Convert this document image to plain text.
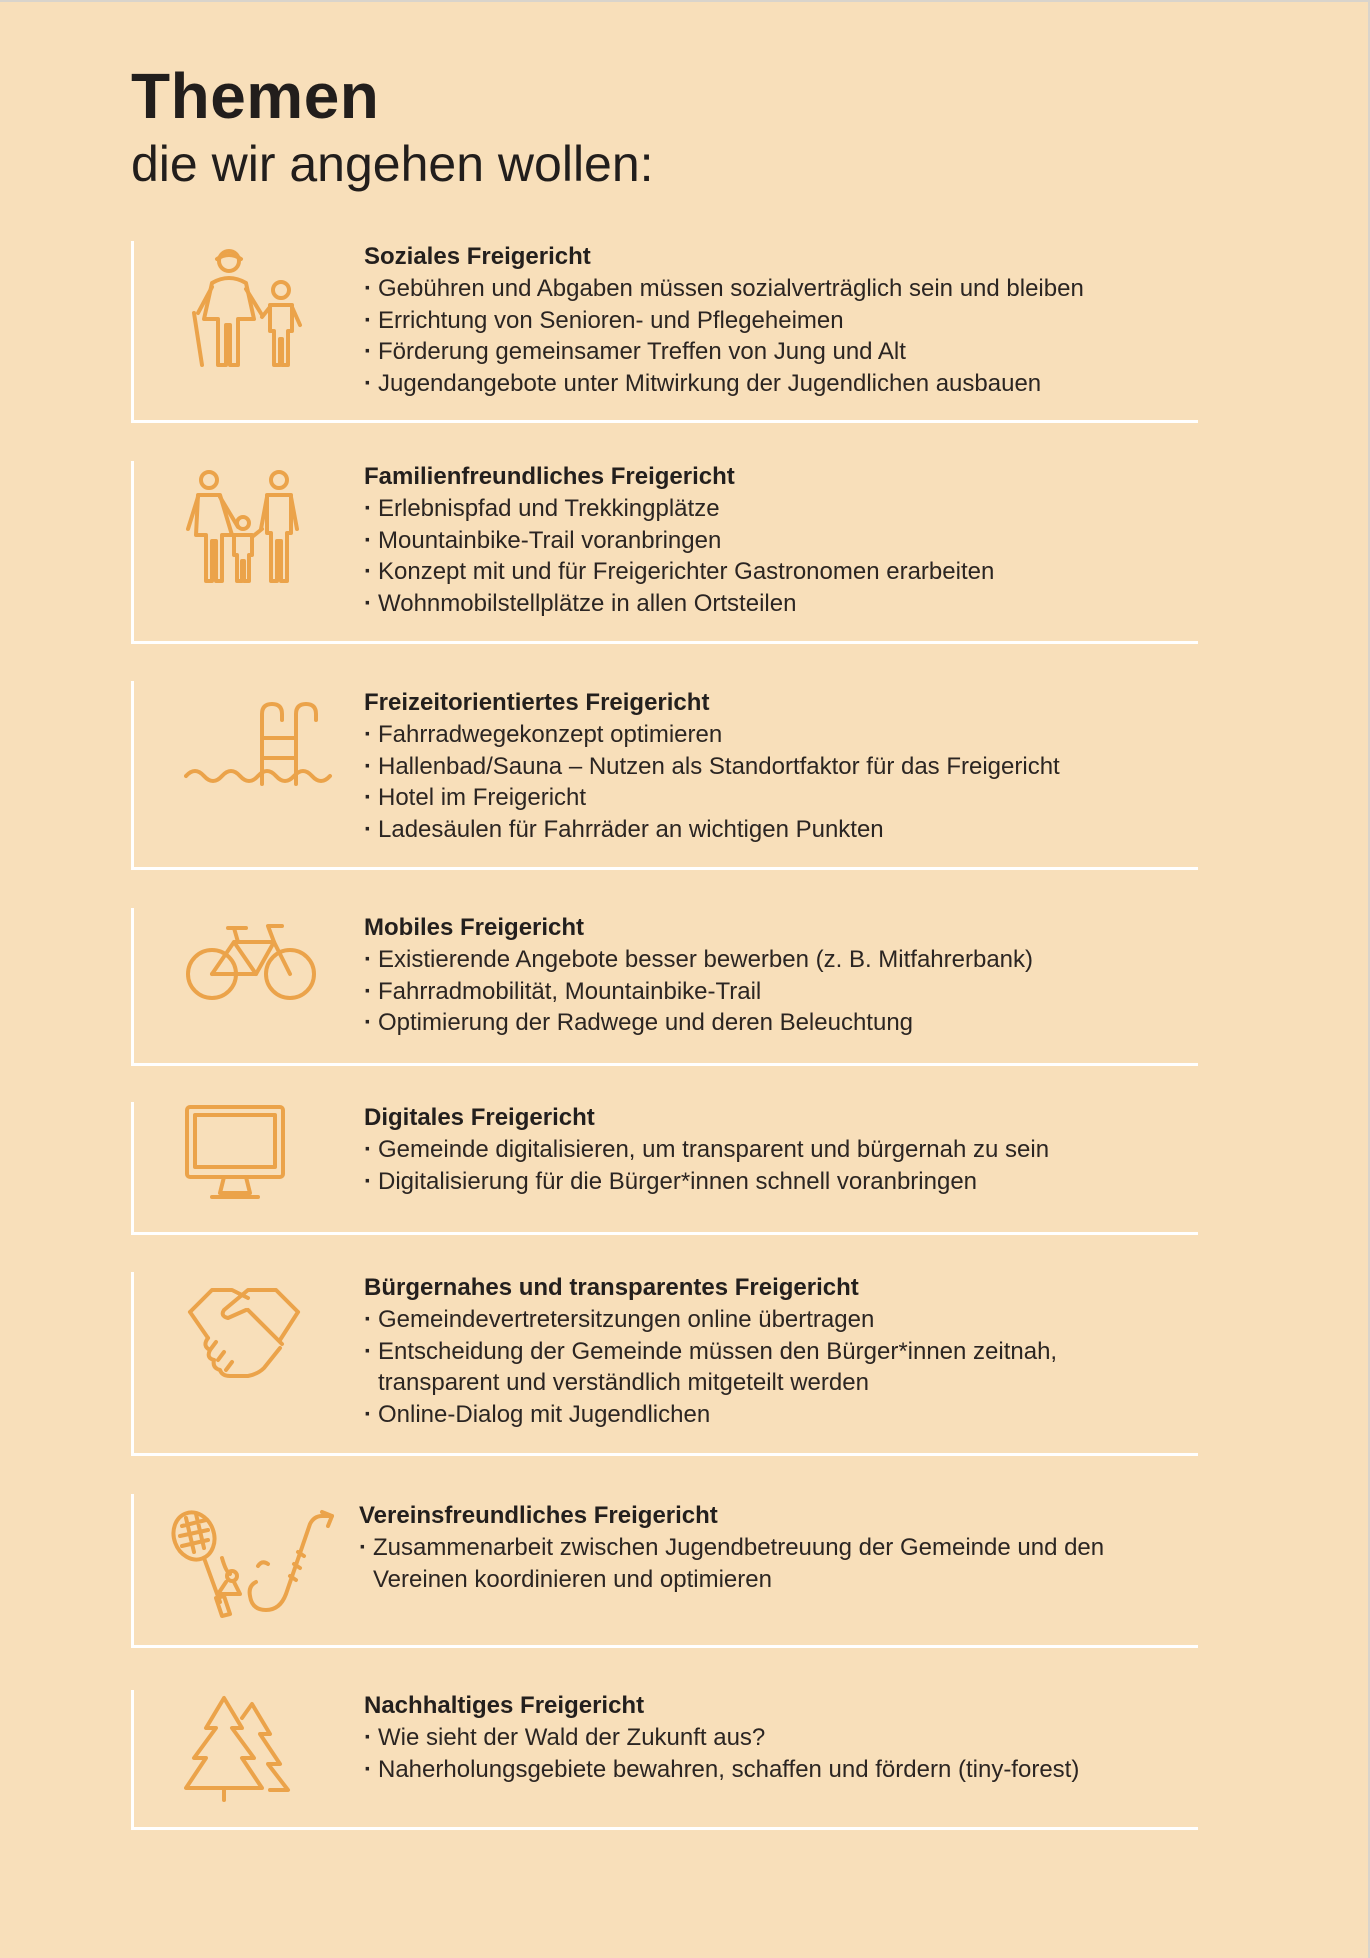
Themen

die wir angehen wollen:

Soziales Freigericht
· Gebühren und Abgaben müssen sozialverträglich sein und bleiben
· Errichtung von Senioren- und Pflegeheimen
· Förderung gemeinsamer Treffen von Jung und Alt
· Jugendangebote unter Mitwirkung der Jugendlichen ausbauen
Familienfreundliches Freigericht
· Erlebnispfad und Trekkingplätze
· Mountainbike-Trail voranbringen
· Konzept mit und für Freigerichter Gastronomen erarbeiten
· Wohnmobilstellplätze in allen Ortsteilen
Freizeitorientiertes Freigericht
· Fahrradwegekonzept optimieren
· Hallenbad/Sauna – Nutzen als Standortfaktor für das Freigericht
· Hotel im Freigericht
· Ladesäulen für Fahrräder an wichtigen Punkten
Mobiles Freigericht
· Existierende Angebote besser bewerben (z. B. Mitfahrerbank)
· Fahrradmobilität, Mountainbike-Trail
· Optimierung der Radwege und deren Beleuchtung
Digitales Freigericht
· Gemeinde digitalisieren, um transparent und bürgernah zu sein
· Digitalisierung für die Bürger*innen schnell voranbringen
Bürgernahes und transparentes Freigericht
· Gemeindevertretersitzungen online übertragen
· Entscheidung der Gemeinde müssen den Bürger*innen zeitnah, transparent und verständlich mitgeteilt werden
· Online-Dialog mit Jugendlichen
Vereinsfreundliches Freigericht
· Zusammenarbeit zwischen Jugendbetreuung der Gemeinde und den Vereinen koordinieren und optimieren
Nachhaltiges Freigericht
· Wie sieht der Wald der Zukunft aus?
· Naherholungsgebiete bewahren, schaffen und fördern (tiny-forest)
